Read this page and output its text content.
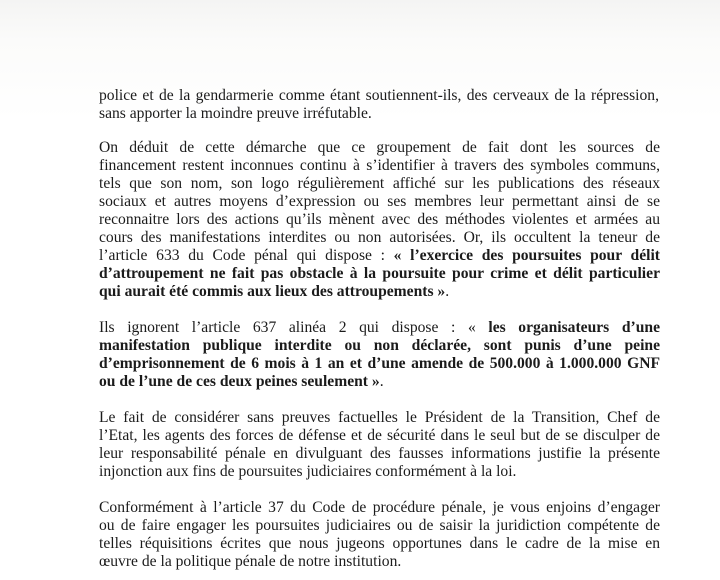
police et de la gendarmerie comme étant soutiennent-ils, des cerveaux de la répression,
sans apporter la moindre preuve irréfutable.
On déduit de cette démarche que ce groupement de fait dont les sources de
financement restent inconnues continu à s’identifier à travers des symboles communs,
tels que son nom, son logo régulièrement affiché sur les publications des réseaux
sociaux et autres moyens d’expression ou ses membres leur permettant ainsi de se
reconnaitre lors des actions qu’ils mènent avec des méthodes violentes et armées au
cours des manifestations interdites ou non autorisées. Or, ils occultent la teneur de
l’article 633 du Code pénal qui dispose : « l’exercice des poursuites pour délit
d’attroupement ne fait pas obstacle à la poursuite pour crime et délit particulier
qui aurait été commis aux lieux des attroupements ».
Ils ignorent l’article 637 alinéa 2 qui dispose : « les organisateurs d’une
manifestation publique interdite ou non déclarée, sont punis d’une peine
d’emprisonnement de 6 mois à 1 an et d’une amende de 500.000 à 1.000.000 GNF
ou de l’une de ces deux peines seulement ».
Le fait de considérer sans preuves factuelles le Président de la Transition, Chef de
l’Etat, les agents des forces de défense et de sécurité dans le seul but de se disculper de
leur responsabilité pénale en divulguant des fausses informations justifie la présente
injonction aux fins de poursuites judiciaires conformément à la loi.
Conformément à l’article 37 du Code de procédure pénale, je vous enjoins d’engager
ou de faire engager les poursuites judiciaires ou de saisir la juridiction compétente de
telles réquisitions écrites que nous jugeons opportunes dans le cadre de la mise en
œuvre de la politique pénale de notre institution.
